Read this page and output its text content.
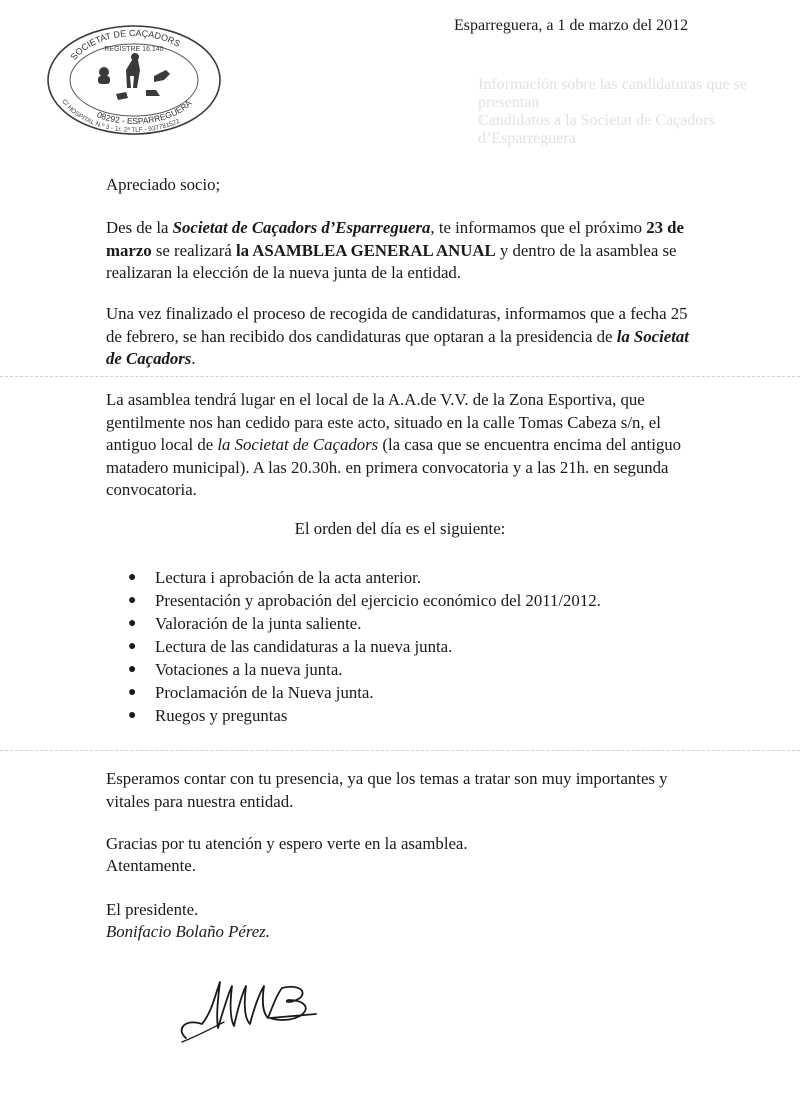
Información sobre las candidaturas que se presentan
Candidatos a la Societat de Caçadors d’Esparreguera
SOCIETAT DE CAÇADORS
REGISTRE 16.140
08292 - ESPARREGUERA
C/ HOSPITAL N.º 3 - 1r. 2ª TLF - 937781522
Esparreguera, a 1 de marzo del 2012
Apreciado socio;
Des de la Societat de Caçadors d’Esparreguera, te informamos que el próximo 23 de marzo se realizará la ASAMBLEA GENERAL ANUAL y dentro de la asamblea se realizaran la elección de la nueva junta de la entidad.
Una vez finalizado el proceso de recogida de candidaturas, informamos que a fecha 25 de febrero, se han recibido dos candidaturas que optaran a la presidencia de la Societat de Caçadors.
La asamblea tendrá lugar en el local de la A.A.de V.V. de la Zona Esportiva, que gentilmente nos han cedido para este acto, situado en la calle Tomas Cabeza s/n, el antiguo local de la Societat de Caçadors (la casa que se encuentra encima del antiguo matadero municipal). A las 20.30h. en primera convocatoria y a las 21h. en segunda convocatoria.
El orden del día es el siguiente:
● Lectura i aprobación de la acta anterior.
● Presentación y aprobación del ejercicio económico del 2011/2012.
● Valoración de la junta saliente.
● Lectura de las candidaturas a la nueva junta.
● Votaciones a la nueva junta.
● Proclamación de la Nueva junta.
● Ruegos y preguntas
Esperamos contar con tu presencia, ya que los temas a tratar son muy importantes y vitales para nuestra entidad.
Gracias por tu atención y espero verte en la asamblea.
Atentamente.
El presidente.
Bonifacio Bolaño Pérez.
